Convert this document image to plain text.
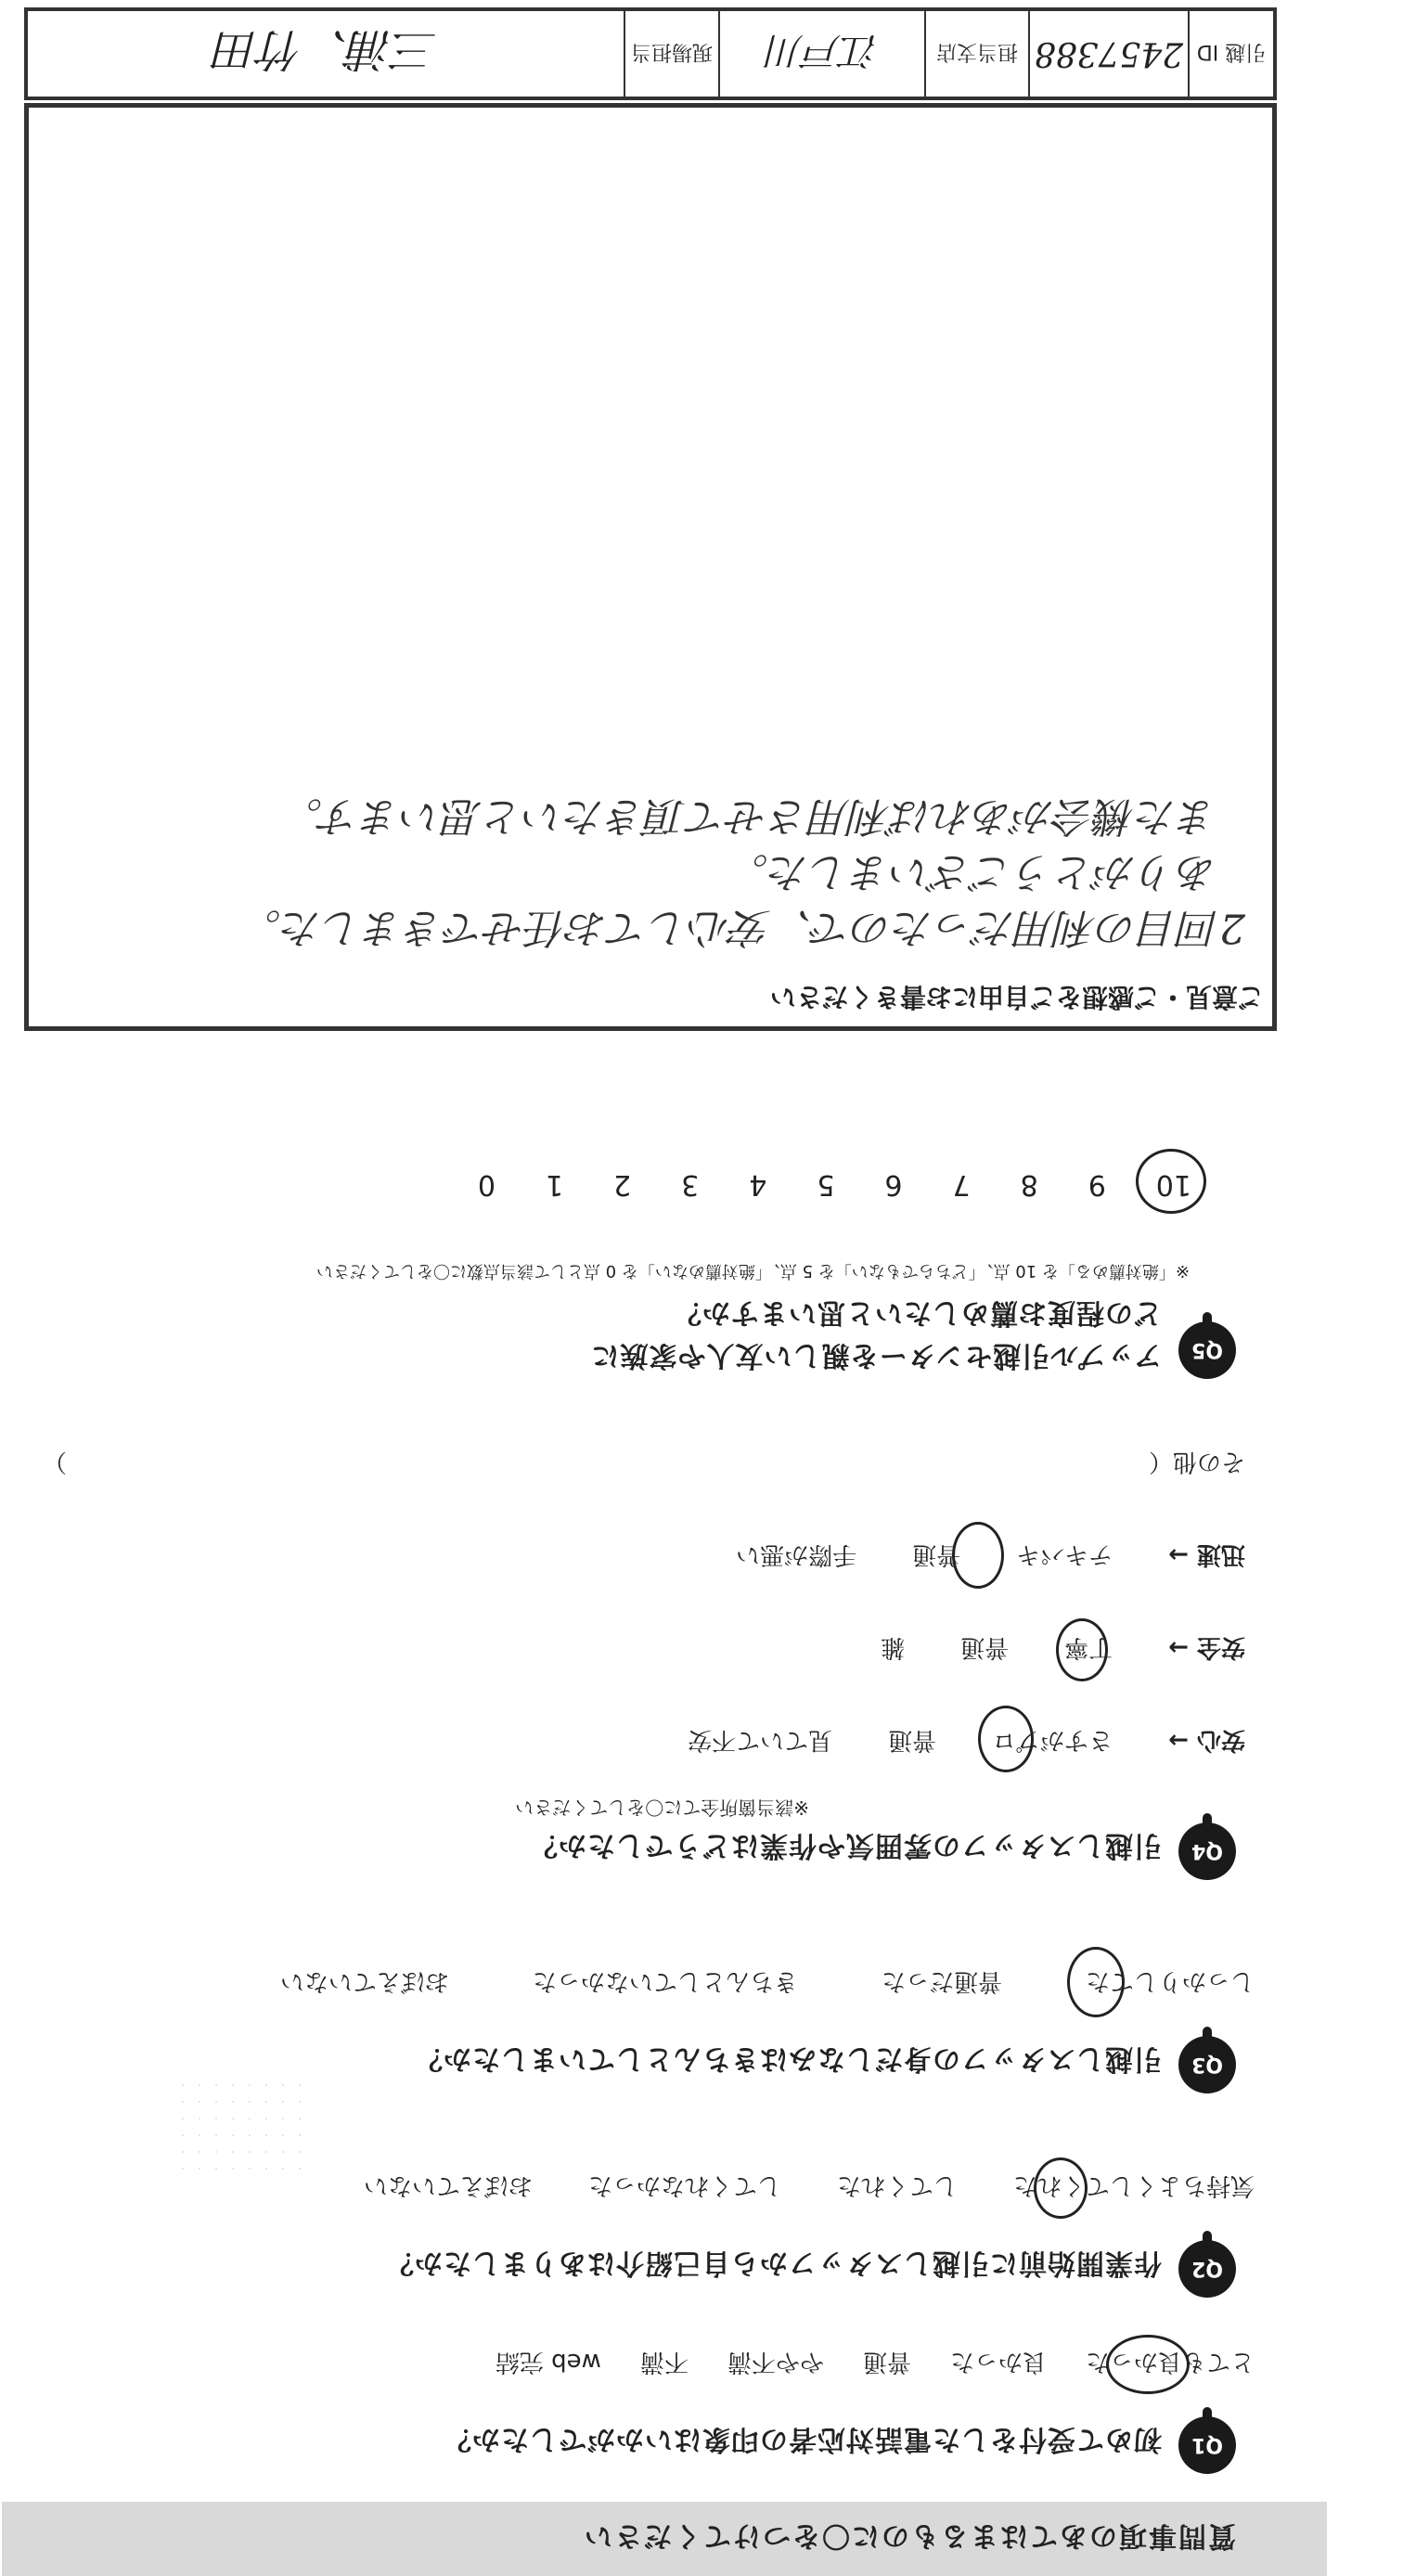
質問事項のあてはまるものに〇をつけてください
Q1
初めて受付をした電話対応者の印象はいかがでしたか？
とても良かった
良かった
普通
やや不満
不満
web 完結
Q2
作業開始前に引越しスタッフから自己紹介はありましたか？
気持ちよくしてくれた
してくれた
してくれなかった
おぼえていない
Q3
引越しスタッフの身だしなみはきちんとしていましたか？
しっかりしてた
普通だった
きちんとしていなかった
おぼえていない
Q4
引越しスタッフの雰囲気や作業はどうでしたか？
※該当箇所全てに〇をしてください
安心 →
さすがプロ
普通
見ていて不安
安全 →
丁寧
普通
雑
迅速 →
テキパキ
普通
手際が悪い
その他（
）
Q5
アップル引越センターを親しい友人や家族に
どの程度お薦めしたいと思いますか？
※「絶対薦める」を 10 点、「どちらでもない」を 5 点、「絶対薦めない」を 0 点として該当点数に〇をしてください
10
9
8
7
6
5
4
3
2
1
0
ご意見・ご感想をご自由にお書きください
2回目の利用だったので、安心してお任せできました。
ありがとうございました。
また機会があれば利用させて頂きたいと思います。
引越 ID
2457388
担当支店
江戸川
現場担当
三浦、竹田
